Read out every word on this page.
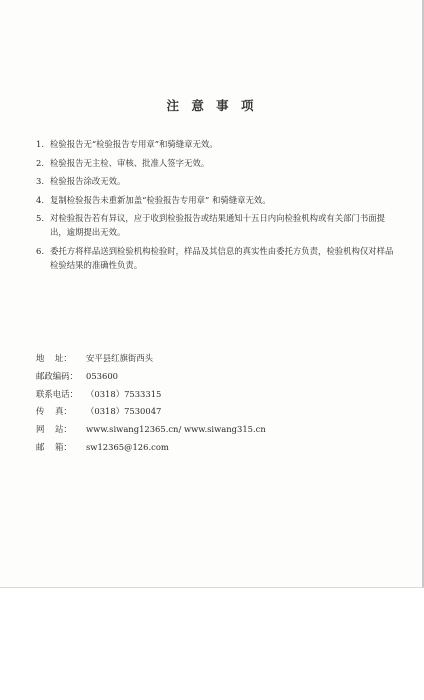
注 意 事 项
1. 检验报告无“检验报告专用章”和骑缝章无效。
2. 检验报告无主检、审核、批准人签字无效。
3. 检验报告涂改无效。
4. 复制检验报告未重新加盖“检验报告专用章” 和骑缝章无效。
5. 对检验报告若有异议，应于收到检验报告或结果通知十五日内向检验机构或有关部门书面提出，逾期提出无效。
6. 委托方将样品送到检验机构检验时，样品及其信息的真实性由委托方负责，检验机构仅对样品检验结果的准确性负责。
地    址：	安平县红旗街西头
邮政编码： 053600
联系电话： （0318）7533315
传    真：	（0318）7530047
网    站：	www.siwang12365.cn/ www.siwang315.cn
邮    箱：	sw12365@126.com
